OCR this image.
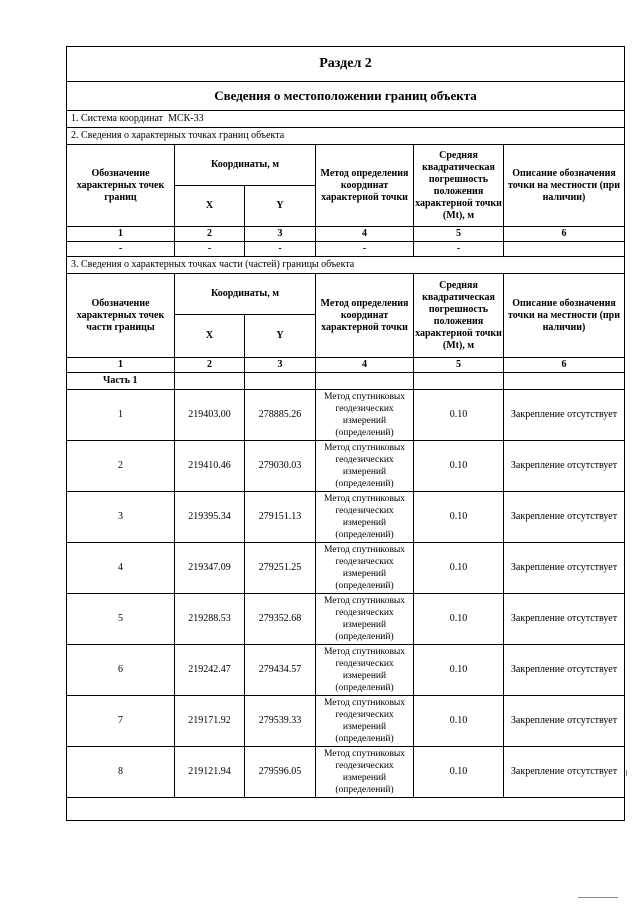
Раздел 2					
Сведения о местоположении границ объекта					
1. Система координат МСК-33					
2. Сведения о характерных точках границ объекта					
Обозначение характерных точек границ	Координаты, м		Метод определения координат характерной точки	Средняя квадратическая погрешность положения характерной точки (Mt), м	Описание обозначения точки на местности (при наличии)
	X	Y			
1	2	3	4	5	6
-	-	-	-	-	
3. Сведения о характерных точках части (частей) границы объекта					
Обозначение характерных точек части границы	Координаты, м		Метод определения координат характерной точки	Средняя квадратическая погрешность положения характерной точки (Mt), м	Описание обозначения точки на местности (при наличии)
	X	Y			
1	2	3	4	5	6
Часть 1					
1	219403.00	278885.26	Метод спутниковых геодезических измерений (определений)	0.10	Закрепление отсутствует
2	219410.46	279030.03	Метод спутниковых геодезических измерений (определений)	0.10	Закрепление отсутствует
3	219395.34	279151.13	Метод спутниковых геодезических измерений (определений)	0.10	Закрепление отсутствует
4	219347.09	279251.25	Метод спутниковых геодезических измерений (определений)	0.10	Закрепление отсутствует
5	219288.53	279352.68	Метод спутниковых геодезических измерений (определений)	0.10	Закрепление отсутствует
6	219242.47	279434.57	Метод спутниковых геодезических измерений (определений)	0.10	Закрепление отсутствует
7	219171.92	279539.33	Метод спутниковых геодезических измерений (определений)	0.10	Закрепление отсутствует
8	219121.94	279596.05	Метод спутниковых геодезических измерений (определений)	0.10	Закрепление отсутствует
